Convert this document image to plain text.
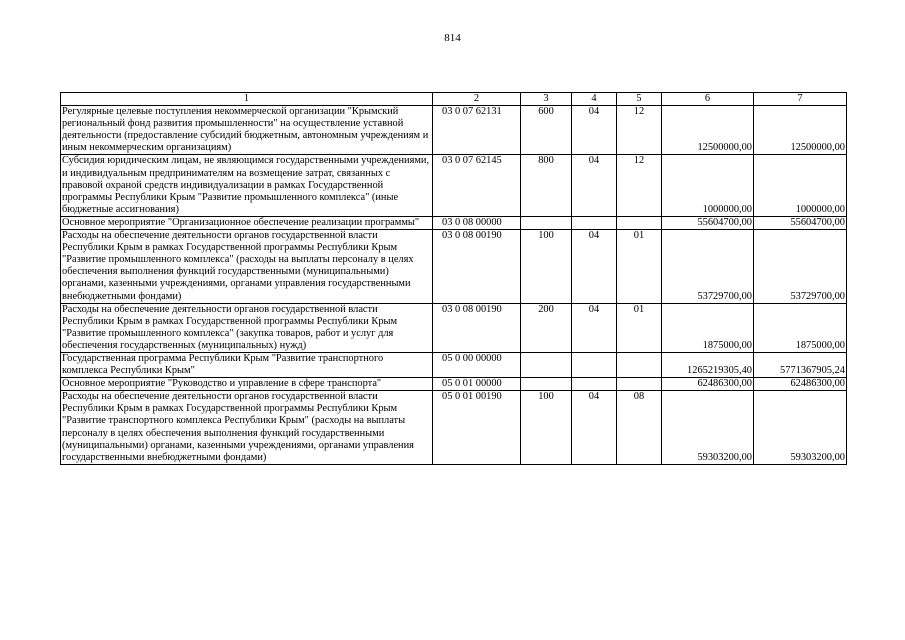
814
1	2	3	4	5	6	7
Регулярные целевые поступления некоммерческой организации "Крымский региональный фонд развития промышленности" на осуществление уставной деятельности (предоставление субсидий бюджетным, автономным учреждениям и иным некоммерческим организациям)	03 0 07 62131	600	04	12	12500000,00	12500000,00
Субсидия юридическим лицам, не являющимся государственными учреждениями, и индивидуальным предпринимателям на возмещение затрат, связанных с правовой охраной средств индивидуализации в рамках Государственной программы Республики Крым "Развитие промышленного комплекса" (иные бюджетные ассигнования)	03 0 07 62145	800	04	12	1000000,00	1000000,00
Основное мероприятие "Организационное обеспечение реализации программы"	03 0 08 00000				55604700,00	55604700,00
Расходы на обеспечение деятельности органов государственной власти Республики Крым в рамках Государственной программы Республики Крым "Развитие промышленного комплекса" (расходы на выплаты персоналу в целях обеспечения выполнения функций государственными (муниципальными) органами, казенными учреждениями, органами управления государственными внебюджетными фондами)	03 0 08 00190	100	04	01	53729700,00	53729700,00
Расходы на обеспечение деятельности органов государственной власти Республики Крым в рамках Государственной программы Республики Крым "Развитие промышленного комплекса" (закупка товаров, работ и услуг для обеспечения государственных (муниципальных) нужд)	03 0 08 00190	200	04	01	1875000,00	1875000,00
Государственная программа Республики Крым "Развитие транспортного комплекса Республики Крым"	05 0 00 00000				1265219305,40	5771367905,24
Основное мероприятие "Руководство и управление в сфере транспорта"	05 0 01 00000				62486300,00	62486300,00
Расходы на обеспечение деятельности органов государственной власти Республики Крым в рамках Государственной программы Республики Крым "Развитие транспортного комплекса Республики Крым" (расходы на выплаты персоналу в целях обеспечения выполнения функций государственными (муниципальными) органами, казенными учреждениями, органами управления государственными внебюджетными фондами)	05 0 01 00190	100	04	08	59303200,00	59303200,00
